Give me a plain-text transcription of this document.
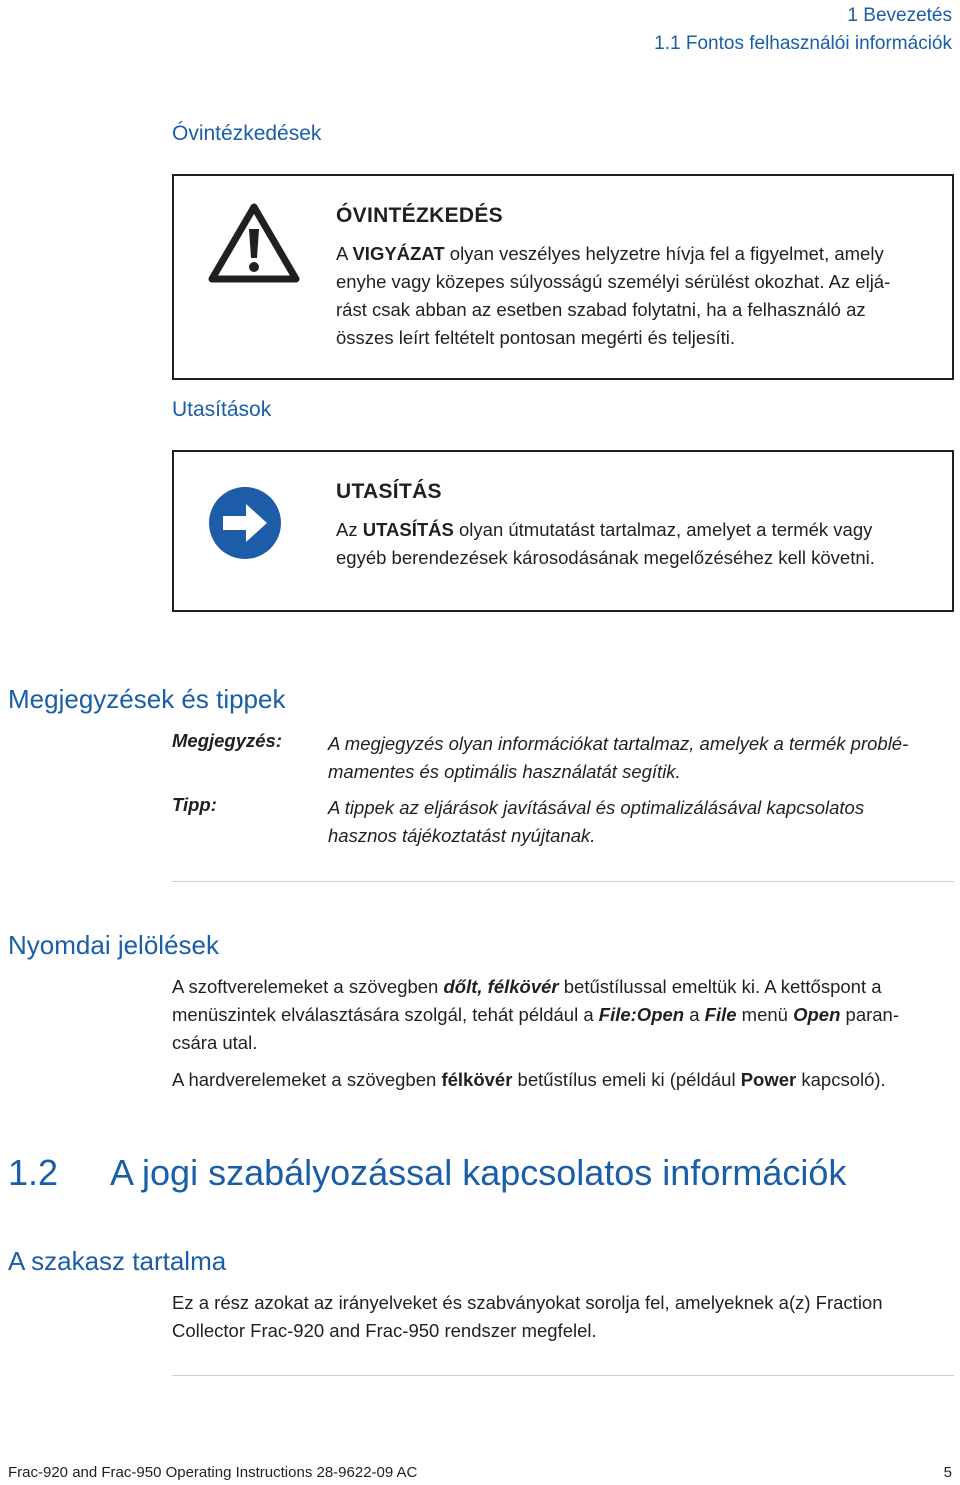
1 Bevezetés
1.1 Fontos felhasználói információk
Óvintézkedések
ÓVINTÉZKEDÉS
A VIGYÁZAT olyan veszélyes helyzetre hívja fel a figyelmet, amely
enyhe vagy közepes súlyosságú személyi sérülést okozhat. Az eljá-
rást csak abban az esetben szabad folytatni, ha a felhasználó az
összes leírt feltételt pontosan megérti és teljesíti.
Utasítások
UTASÍTÁS
Az UTASÍTÁS olyan útmutatást tartalmaz, amelyet a termék vagy
egyéb berendezések károsodásának megelőzéséhez kell követni.
Megjegyzések és tippek
Megjegyzés: A megjegyzés olyan információkat tartalmaz, amelyek a termék problé-
mamentes és optimális használatát segítik.
Tipp:	A tippek az eljárások javításával és optimalizálásával kapcsolatos
hasznos tájékoztatást nyújtanak.
Nyomdai jelölések
A szoftverelemeket a szövegben dőlt, félkövér betűstílussal emeltük ki. A kettőspont a
menüszintek elválasztására szolgál, tehát például a File:Open a File menü Open paran-
csára utal.
A hardverelemeket a szövegben félkövér betűstílus emeli ki (például Power kapcsoló).
1.2 A jogi szabályozással kapcsolatos információk
A szakasz tartalma
Ez a rész azokat az irányelveket és szabványokat sorolja fel, amelyeknek a(z) Fraction
Collector Frac-920 and Frac-950 rendszer megfelel.
Frac-920 and Frac-950 Operating Instructions 28-9622-09 AC	5
